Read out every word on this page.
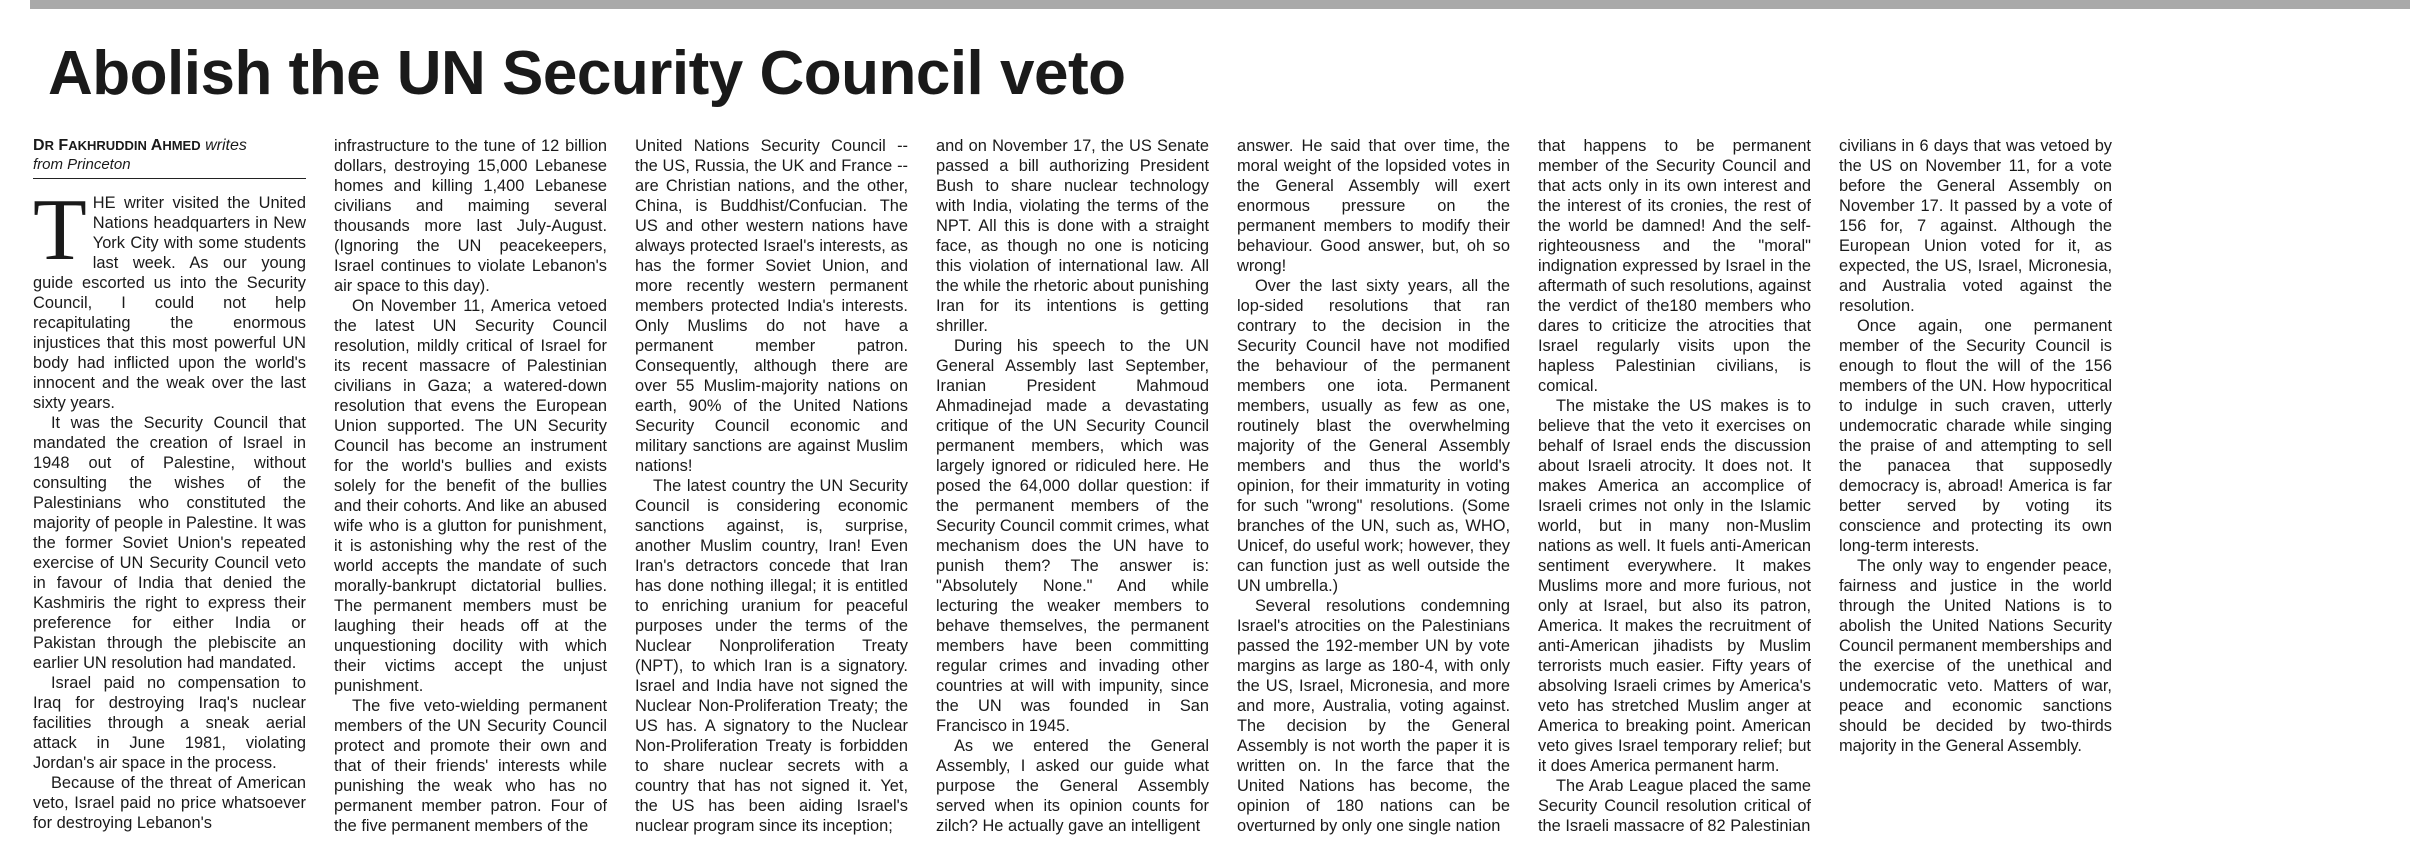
Abolish the UN Security Council veto
DR FAKHRUDDIN AHMED writes
from Princeton

THE writer visited the United Nations headquarters in New York City with some students last week. As our young guide escorted us into the Security Council, I could not help recapitulating the enormous injustices that this most powerful UN body had inflicted upon the world's innocent and the weak over the last sixty years.

It was the Security Council that mandated the creation of Israel in 1948 out of Palestine, without consulting the wishes of the Palestinians who constituted the majority of people in Palestine. It was the former Soviet Union's repeated exercise of UN Security Council veto in favour of India that denied the Kashmiris the right to express their preference for either India or Pakistan through the plebiscite an earlier UN resolution had mandated.

Israel paid no compensation to Iraq for destroying Iraq's nuclear facilities through a sneak aerial attack in June 1981, violating Jordan's air space in the process.

Because of the threat of American veto, Israel paid no price whatsoever for destroying Lebanon's

infrastructure to the tune of 12 billion dollars, destroying 15,000 Lebanese homes and killing 1,400 Lebanese civilians and maiming several thousands more last July-August. (Ignoring the UN peacekeepers, Israel continues to violate Lebanon's air space to this day).

On November 11, America vetoed the latest UN Security Council resolution, mildly critical of Israel for its recent massacre of Palestinian civilians in Gaza; a watered-down resolution that evens the European Union supported. The UN Security Council has become an instrument for the world's bullies and exists solely for the benefit of the bullies and their cohorts. And like an abused wife who is a glutton for punishment, it is astonishing why the rest of the world accepts the mandate of such morally-bankrupt dictatorial bullies. The permanent members must be laughing their heads off at the unquestioning docility with which their victims accept the unjust punishment.

The five veto-wielding permanent members of the UN Security Council protect and promote their own and that of their friends' interests while punishing the weak who has no permanent member patron. Four of the five permanent members of the

United Nations Security Council -- the US, Russia, the UK and France -- are Christian nations, and the other, China, is Buddhist/Confucian. The US and other western nations have always protected Israel's interests, as has the former Soviet Union, and more recently western permanent members protected India's interests. Only Muslims do not have a permanent member patron. Consequently, although there are over 55 Muslim-majority nations on earth, 90% of the United Nations Security Council economic and military sanctions are against Muslim nations!

The latest country the UN Security Council is considering economic sanctions against, is, surprise, another Muslim country, Iran! Even Iran's detractors concede that Iran has done nothing illegal; it is entitled to enriching uranium for peaceful purposes under the terms of the Nuclear Nonproliferation Treaty (NPT), to which Iran is a signatory. Israel and India have not signed the Nuclear Non-Proliferation Treaty; the US has. A signatory to the Nuclear Non-Proliferation Treaty is forbidden to share nuclear secrets with a country that has not signed it. Yet, the US has been aiding Israel's nuclear program since its inception;

and on November 17, the US Senate passed a bill authorizing President Bush to share nuclear technology with India, violating the terms of the NPT. All this is done with a straight face, as though no one is noticing this violation of international law. All the while the rhetoric about punishing Iran for its intentions is getting shriller.

During his speech to the UN General Assembly last September, Iranian President Mahmoud Ahmadinejad made a devastating critique of the UN Security Council permanent members, which was largely ignored or ridiculed here. He posed the 64,000 dollar question: if the permanent members of the Security Council commit crimes, what mechanism does the UN have to punish them? The answer is: "Absolutely None." And while lecturing the weaker members to behave themselves, the permanent members have been committing regular crimes and invading other countries at will with impunity, since the UN was founded in San Francisco in 1945.

As we entered the General Assembly, I asked our guide what purpose the General Assembly served when its opinion counts for zilch? He actually gave an intelligent

answer. He said that over time, the moral weight of the lopsided votes in the General Assembly will exert enormous pressure on the permanent members to modify their behaviour. Good answer, but, oh so wrong!

Over the last sixty years, all the lop-sided resolutions that ran contrary to the decision in the Security Council have not modified the behaviour of the permanent members one iota. Permanent members, usually as few as one, routinely blast the overwhelming majority of the General Assembly members and thus the world's opinion, for their immaturity in voting for such "wrong" resolutions. (Some branches of the UN, such as, WHO, Unicef, do useful work; however, they can function just as well outside the UN umbrella.)

Several resolutions condemning Israel's atrocities on the Palestinians passed the 192-member UN by vote margins as large as 180-4, with only the US, Israel, Micronesia, and more and more, Australia, voting against. The decision by the General Assembly is not worth the paper it is written on. In the farce that the United Nations has become, the opinion of 180 nations can be overturned by only one single nation

that happens to be permanent member of the Security Council and that acts only in its own interest and the interest of its cronies, the rest of the world be damned! And the self-righteousness and the "moral" indignation expressed by Israel in the aftermath of such resolutions, against the verdict of the180 members who dares to criticize the atrocities that Israel regularly visits upon the hapless Palestinian civilians, is comical.

The mistake the US makes is to believe that the veto it exercises on behalf of Israel ends the discussion about Israeli atrocity. It does not. It makes America an accomplice of Israeli crimes not only in the Islamic world, but in many non-Muslim nations as well. It fuels anti-American sentiment everywhere. It makes Muslims more and more furious, not only at Israel, but also its patron, America. It makes the recruitment of anti-American jihadists by Muslim terrorists much easier. Fifty years of absolving Israeli crimes by America's veto has stretched Muslim anger at America to breaking point. American veto gives Israel temporary relief; but it does America permanent harm.

The Arab League placed the same Security Council resolution critical of the Israeli massacre of 82 Palestinian

civilians in 6 days that was vetoed by the US on November 11, for a vote before the General Assembly on November 17. It passed by a vote of 156 for, 7 against. Although the European Union voted for it, as expected, the US, Israel, Micronesia, and Australia voted against the resolution.

Once again, one permanent member of the Security Council is enough to flout the will of the 156 members of the UN. How hypocritical to indulge in such craven, utterly undemocratic charade while singing the praise of and attempting to sell the panacea that supposedly democracy is, abroad! America is far better served by voting its conscience and protecting its own long-term interests.

The only way to engender peace, fairness and justice in the world through the United Nations is to abolish the United Nations Security Council permanent memberships and the exercise of the unethical and undemocratic veto. Matters of war, peace and economic sanctions should be decided by two-thirds majority in the General Assembly.
